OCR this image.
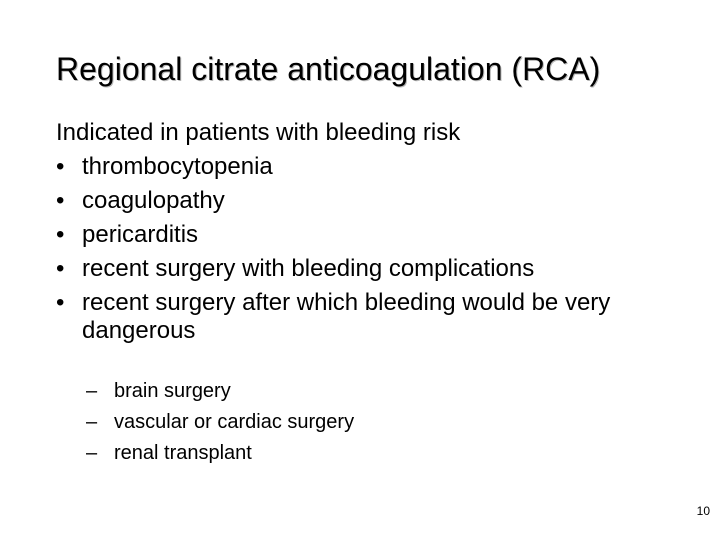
Regional citrate anticoagulation (RCA)
Indicated in patients with bleeding risk
• thrombocytopenia
• coagulopathy
• pericarditis
• recent surgery with bleeding complications
• recent surgery after which bleeding would be very dangerous
– brain surgery
– vascular or cardiac surgery
– renal transplant
10
